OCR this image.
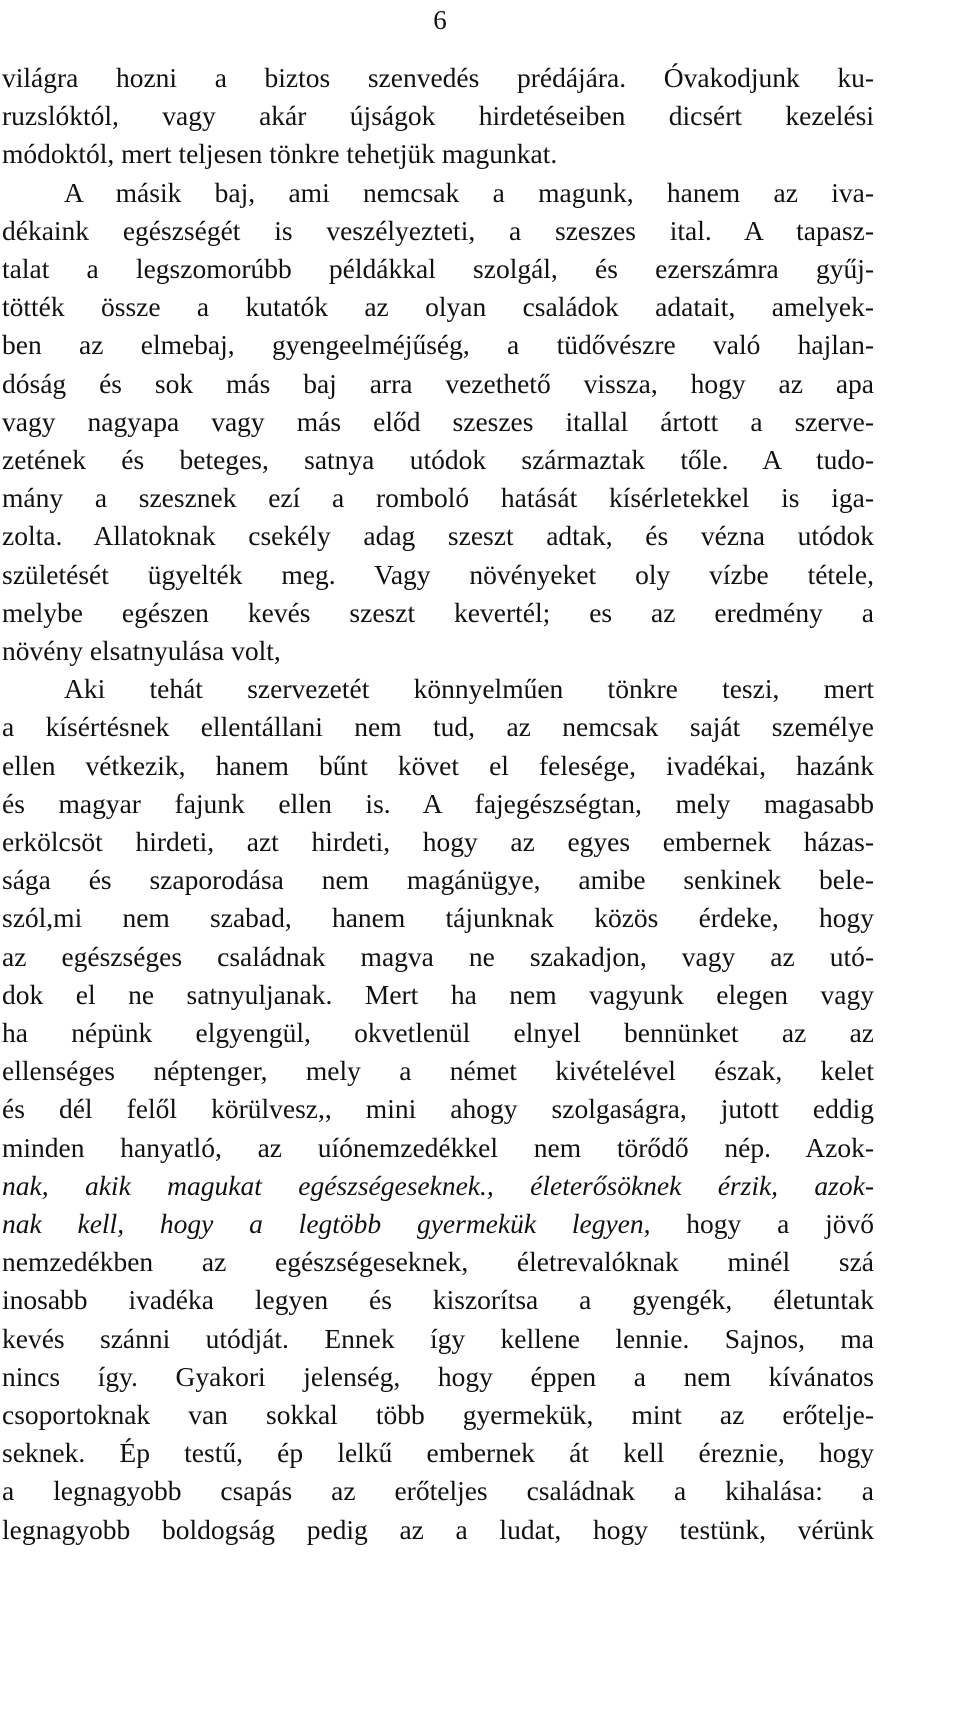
6
világra hozni a biztos szenvedés prédájára. Óvakodjunk ku-
ruzslóktól, vagy akár újságok hirdetéseiben dicsért kezelési
módoktól, mert teljesen tönkre tehetjük magunkat.
A másik baj, ami nemcsak a magunk, hanem az iva-
dékaink egészségét is veszélyezteti, a szeszes ital. A tapasz-
talat a legszomorúbb példákkal szolgál, és ezerszámra gyűj-
tötték össze a kutatók az olyan családok adatait, amelyek-
ben az elmebaj, gyengeelméjűség, a tüdővészre való hajlan-
dóság és sok más baj arra vezethető vissza, hogy az apa
vagy nagyapa vagy más előd szeszes itallal ártott a szerve-
zetének és beteges, satnya utódok származtak tőle. A tudo-
mány a szesznek ezí a romboló hatását kísérletekkel is iga-
zolta. Allatoknak csekély adag szeszt adtak, és vézna utódok
születését ügyelték meg. Vagy növényeket oly vízbe tétele,
melybe egészen kevés szeszt kevertél; es az eredmény a
növény elsatnyulása volt,
Aki tehát szervezetét könnyelműen tönkre teszi, mert
a kísértésnek ellentállani nem tud, az nemcsak saját személye
ellen vétkezik, hanem bűnt követ el felesége, ivadékai, hazánk
és magyar fajunk ellen is. A fajegészségtan, mely magasabb
erkölcsöt hirdeti, azt hirdeti, hogy az egyes embernek házas-
sága és szaporodása nem magánügye, amibe senkinek bele-
szól,mi nem szabad, hanem tájunknak közös érdeke, hogy
az egészséges családnak magva ne szakadjon, vagy az utó-
dok el ne satnyuljanak. Mert ha nem vagyunk elegen vagy
ha népünk elgyengül, okvetlenül elnyel bennünket az az
ellenséges néptenger, mely a német kivételével észak, kelet
és dél felől körülvesz,, mini ahogy szolgaságra, jutott eddig
minden hanyatló, az uíónemzedékkel nem törődő nép. Azok-
nak, akik magukat egészségeseknek., életerősöknek érzik, azok-
nak kell, hogy a legtöbb gyermekük legyen, hogy a jövő
nemzedékben az egészségeseknek, életrevalóknak minél szá
inosabb ivadéka legyen és kiszorítsa a gyengék, életuntak
kevés szánni utódját. Ennek így kellene lennie. Sajnos, ma
nincs így. Gyakori jelenség, hogy éppen a nem kívánatos
csoportoknak van sokkal több gyermekük, mint az erőtelje-
seknek. Ép testű, ép lelkű embernek át kell éreznie, hogy
a legnagyobb csapás az erőteljes családnak a kihalása: a
legnagyobb boldogság pedig az a ludat, hogy testünk, vérünk
